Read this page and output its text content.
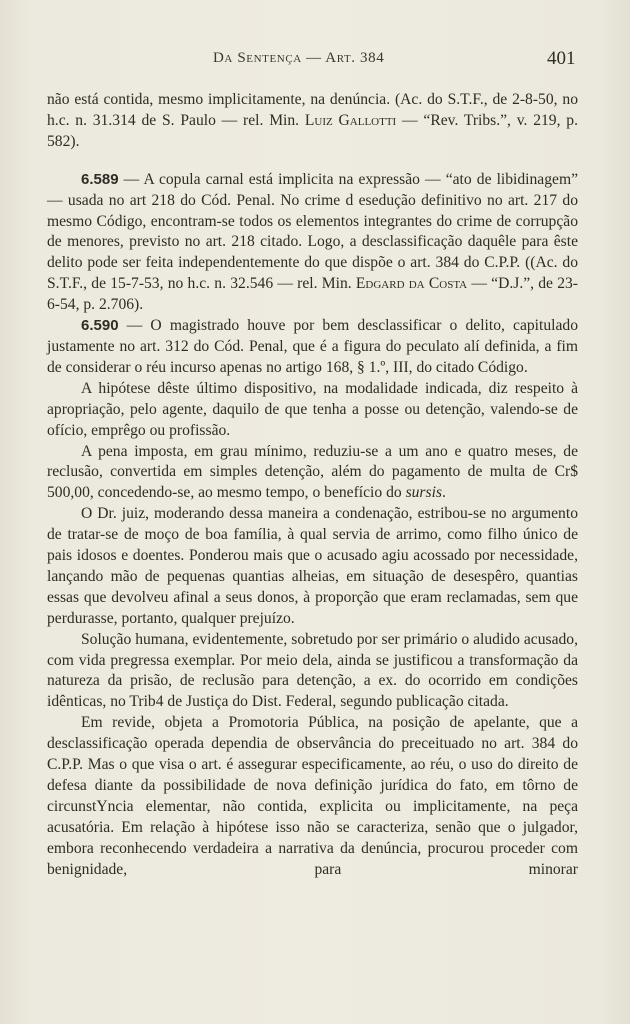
Da Sentença — Art. 384	401

não está contida, mesmo implicitamente, na denúncia. (Ac. do S.T.F., de 2-8-50, no h.c. n. 31.314 de S. Paulo — rel. Min. Luiz Gallotti — “Rev. Tribs.”, v. 219, p. 582).

6.589 — A copula carnal está implicita na expressão — “ato de libidinagem” — usada no art 218 do Cód. Penal. No crime d esedução definitivo no art. 217 do mesmo Código, encontram-se todos os elementos integrantes do crime de corrupção de menores, previsto no art. 218 citado. Logo, a desclassificação daquêle para êste delito pode ser feita independentemente do que dispõe o art. 384 do C.P.P. ((Ac. do S.T.F., de 15-7-53, no h.c. n. 32.546 — rel. Min. Edgard da Costa — “D.J.”, de 23-6-54, p. 2.706).

6.590 — O magistrado houve por bem desclassificar o delito, capitulado justamente no art. 312 do Cód. Penal, que é a figura do peculato alí definida, a fim de considerar o réu incurso apenas no artigo 168, § 1.º, III, do citado Código.

A hipótese dêste último dispositivo, na modalidade indicada, diz respeito à apropriação, pelo agente, daquilo de que tenha a posse ou detenção, valendo-se de ofício, emprêgo ou profissão.

A pena imposta, em grau mínimo, reduziu-se a um ano e quatro meses, de reclusão, convertida em simples detenção, além do pagamento de multa de Cr$ 500,00, concedendo-se, ao mesmo tempo, o benefício do sursis.

O Dr. juiz, moderando dessa maneira a condenação, estribou-se no argumento de tratar-se de moço de boa família, à qual servia de arrimo, como filho único de pais idosos e doentes. Ponderou mais que o acusado agiu acossado por necessidade, lançando mão de pequenas quantias alheias, em situação de desespêro, quantias essas que devolveu afinal a seus donos, à proporção que eram reclamadas, sem que perdurasse, portanto, qualquer prejuízo.

Solução humana, evidentemente, sobretudo por ser primário o aludido acusado, com vida pregressa exemplar. Por meio dela, ainda se justificou a transformação da natureza da prisão, de reclusão para detenção, a ex. do ocorrido em condições idênticas, no Trib4 de Justiça do Dist. Federal, segundo publicação citada.

Em revide, objeta a Promotoria Pública, na posição de apelante, que a desclassificação operada dependia de observância do preceituado no art. 384 do C.P.P. Mas o que visa o art. é assegurar especificamente, ao réu, o uso do direito de defesa diante da possibilidade de nova definição jurídica do fato, em tôrno de circunstYncia elementar, não contida, explicita ou implicitamente, na peça acusatória. Em relação à hipótese isso não se caracteriza, senão que o julgador, embora reconhecendo verdadeira a narrativa da denúncia, procurou proceder com benignidade, para minorar
